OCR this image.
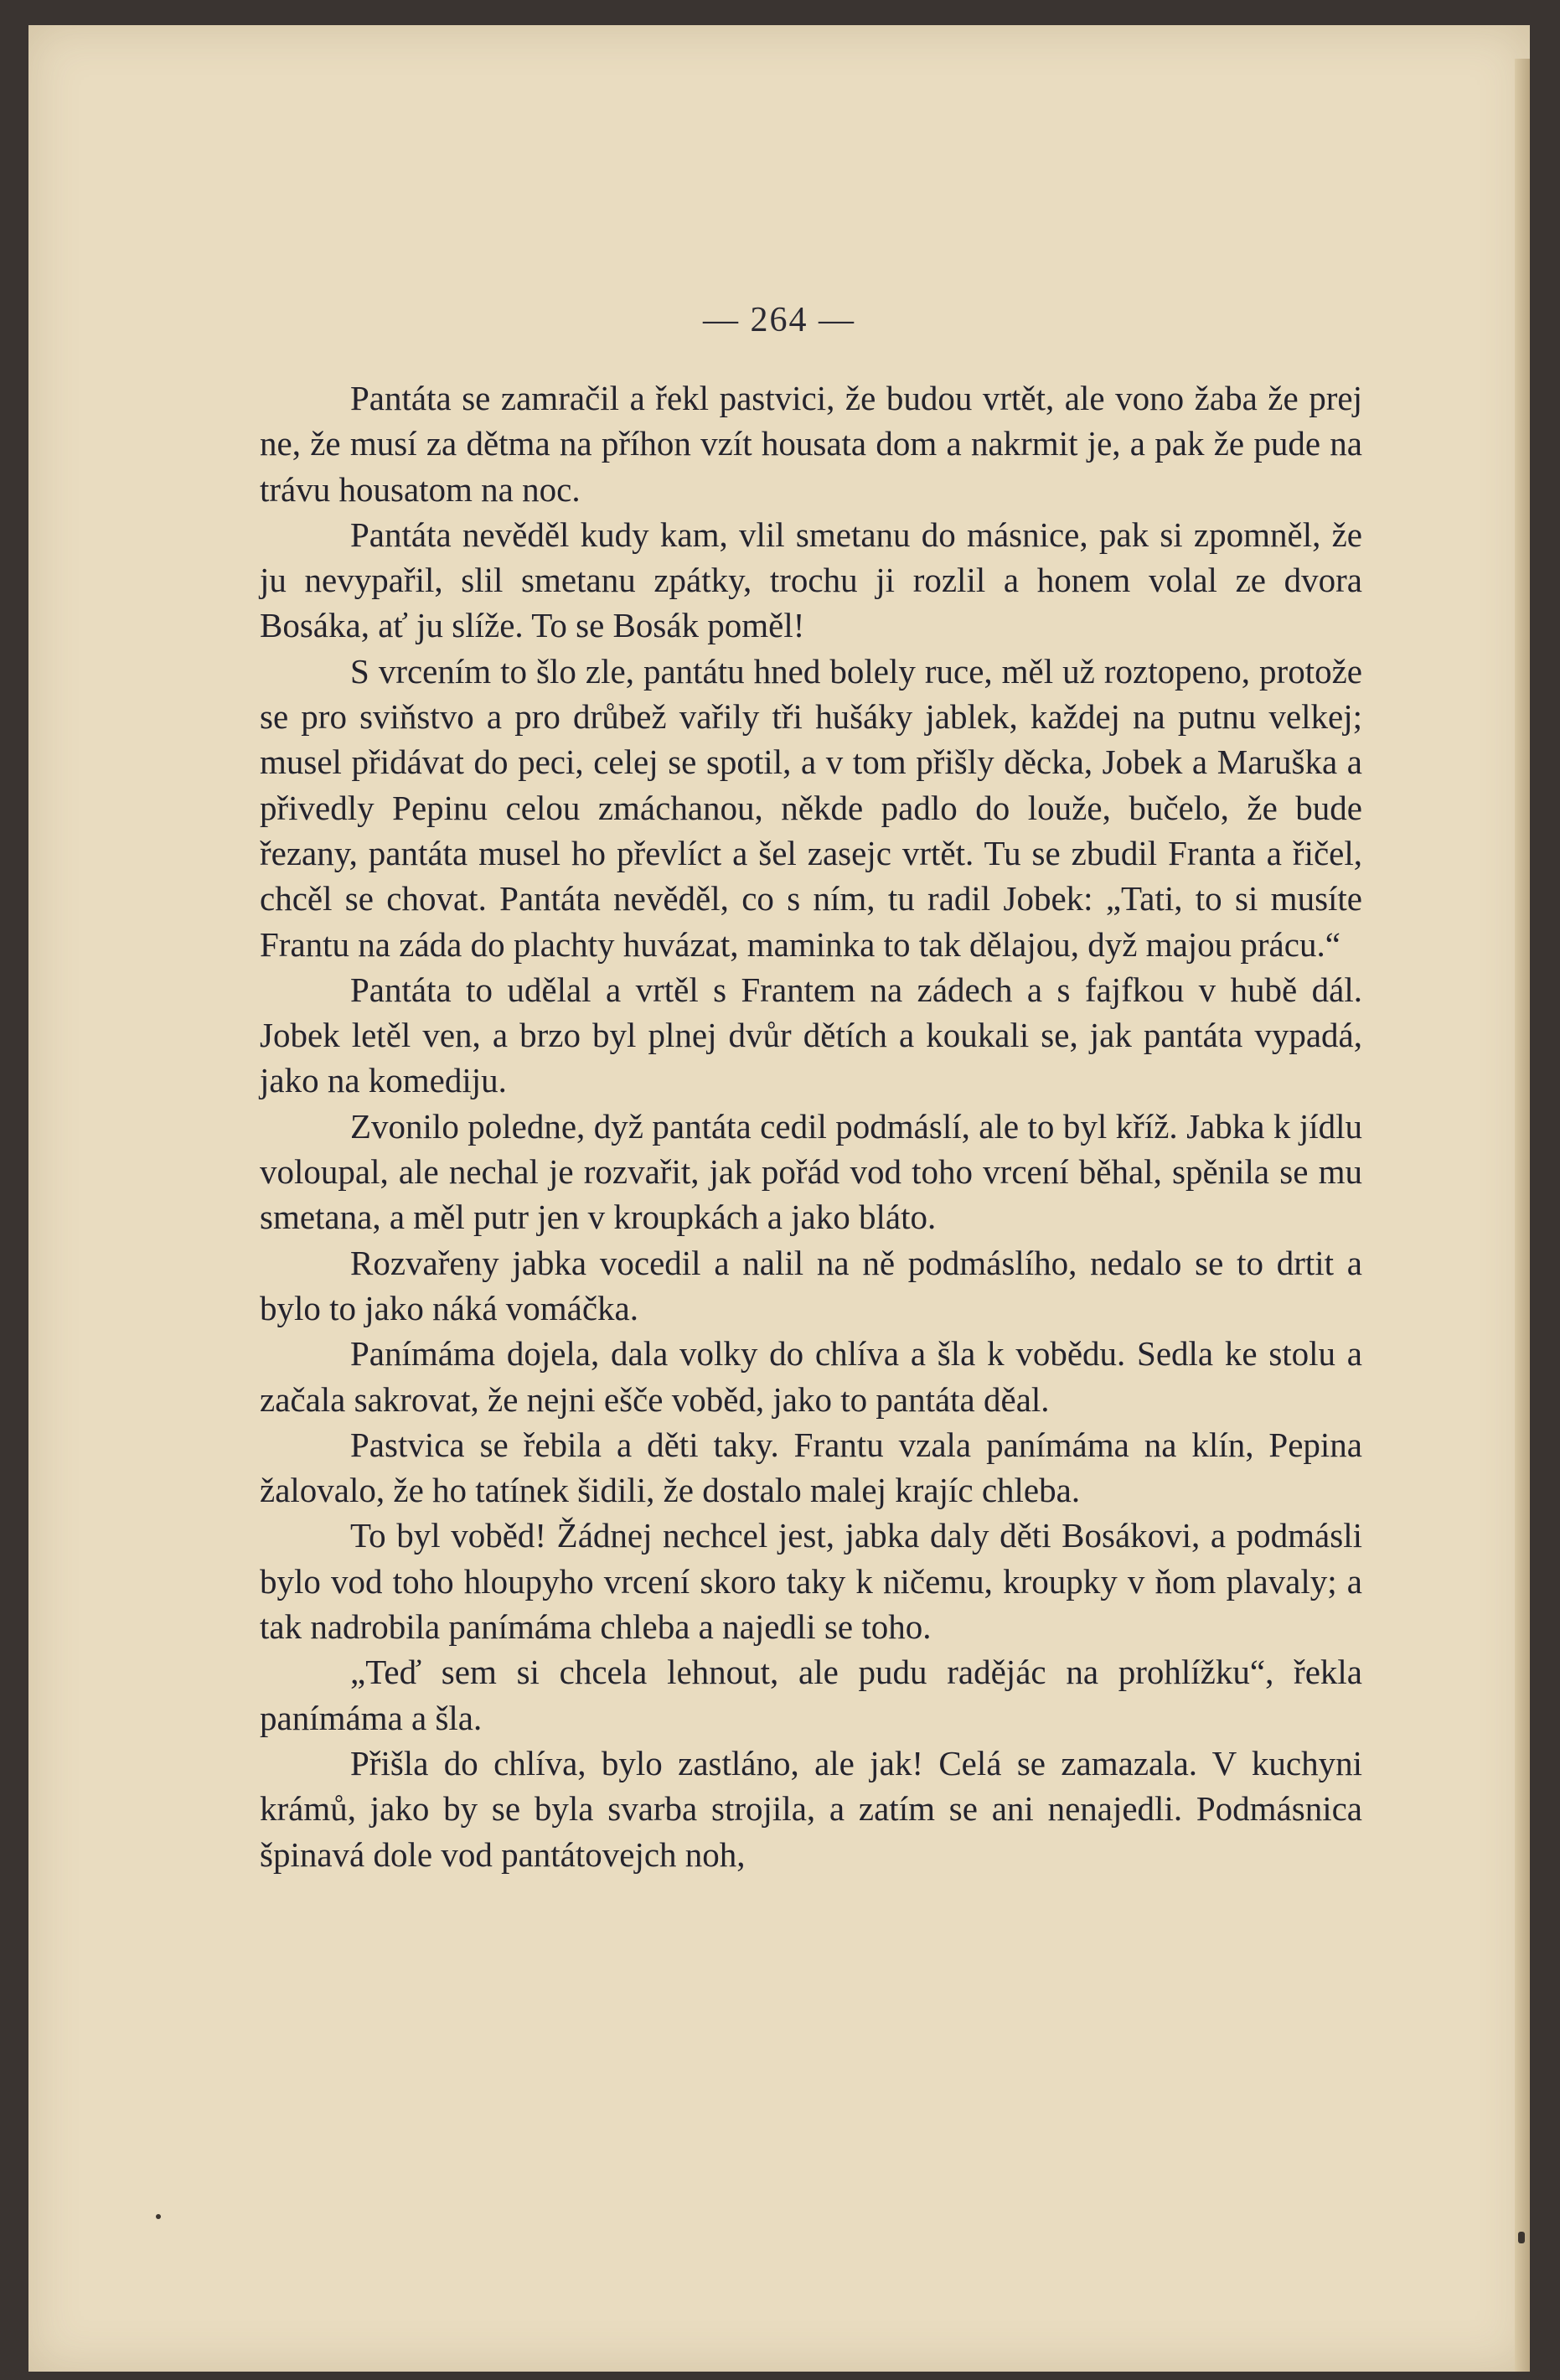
— 264 —

Pantáta se zamračil a řekl pastvici, že budou vrtět, ale vono žaba že prej ne, že musí za dětma na příhon vzít housata dom a nakrmit je, a pak že pude na trávu housatom na noc.

Pantáta nevěděl kudy kam, vlil smetanu do másnice, pak si zpomněl, že ju nevypařil, slil smetanu zpátky, trochu ji rozlil a honem volal ze dvora Bosáka, ať ju slíže. To se Bosák poměl!

S vrcením to šlo zle, pantátu hned bolely ruce, měl už roztopeno, protože se pro sviňstvo a pro drůbež vařily tři hušáky jablek, každej na putnu velkej; musel přidávat do peci, celej se spotil, a v tom přišly děcka, Jobek a Maruška a přivedly Pepinu celou zmáchanou, někde padlo do louže, bučelo, že bude řezany, pantáta musel ho převlíct a šel zasejc vrtět. Tu se zbudil Franta a řičel, chcěl se chovat. Pantáta nevěděl, co s ním, tu radil Jobek: „Tati, to si musíte Frantu na záda do plachty huvázat, maminka to tak dělajou, dyž majou prácu.“

Pantáta to udělal a vrtěl s Frantem na zádech a s fajfkou v hubě dál. Jobek letěl ven, a brzo byl plnej dvůr dětích a koukali se, jak pantáta vypadá, jako na komediju.

Zvonilo poledne, dyž pantáta cedil podmáslí, ale to byl kříž. Jabka k jídlu voloupal, ale nechal je rozvařit, jak pořád vod toho vrcení běhal, spěnila se mu smetana, a měl putr jen v kroupkách a jako bláto.

Rozvařeny jabka vocedil a nalil na ně podmáslího, nedalo se to drtit a bylo to jako náká vomáčka.

Panímáma dojela, dala volky do chlíva a šla k vobědu. Sedla ke stolu a začala sakrovat, že nejni ešče voběd, jako to pantáta děal.

Pastvica se řebila a děti taky. Frantu vzala panímáma na klín, Pepina žalovalo, že ho tatínek šidili, že dostalo malej krajíc chleba.

To byl voběd! Žádnej nechcel jest, jabka daly děti Bosákovi, a podmásli bylo vod toho hloupyho vrcení skoro taky k ničemu, kroupky v ňom plavaly; a tak nadrobila panímáma chleba a najedli se toho.

„Teď sem si chcela lehnout, ale pudu radějác na prohlížku“, řekla panímáma a šla.

Přišla do chlíva, bylo zastláno, ale jak! Celá se zamazala. V kuchyni krámů, jako by se byla svarba strojila, a zatím se ani nenajedli. Podmásnica špinavá dole vod pantátovejch noh,
